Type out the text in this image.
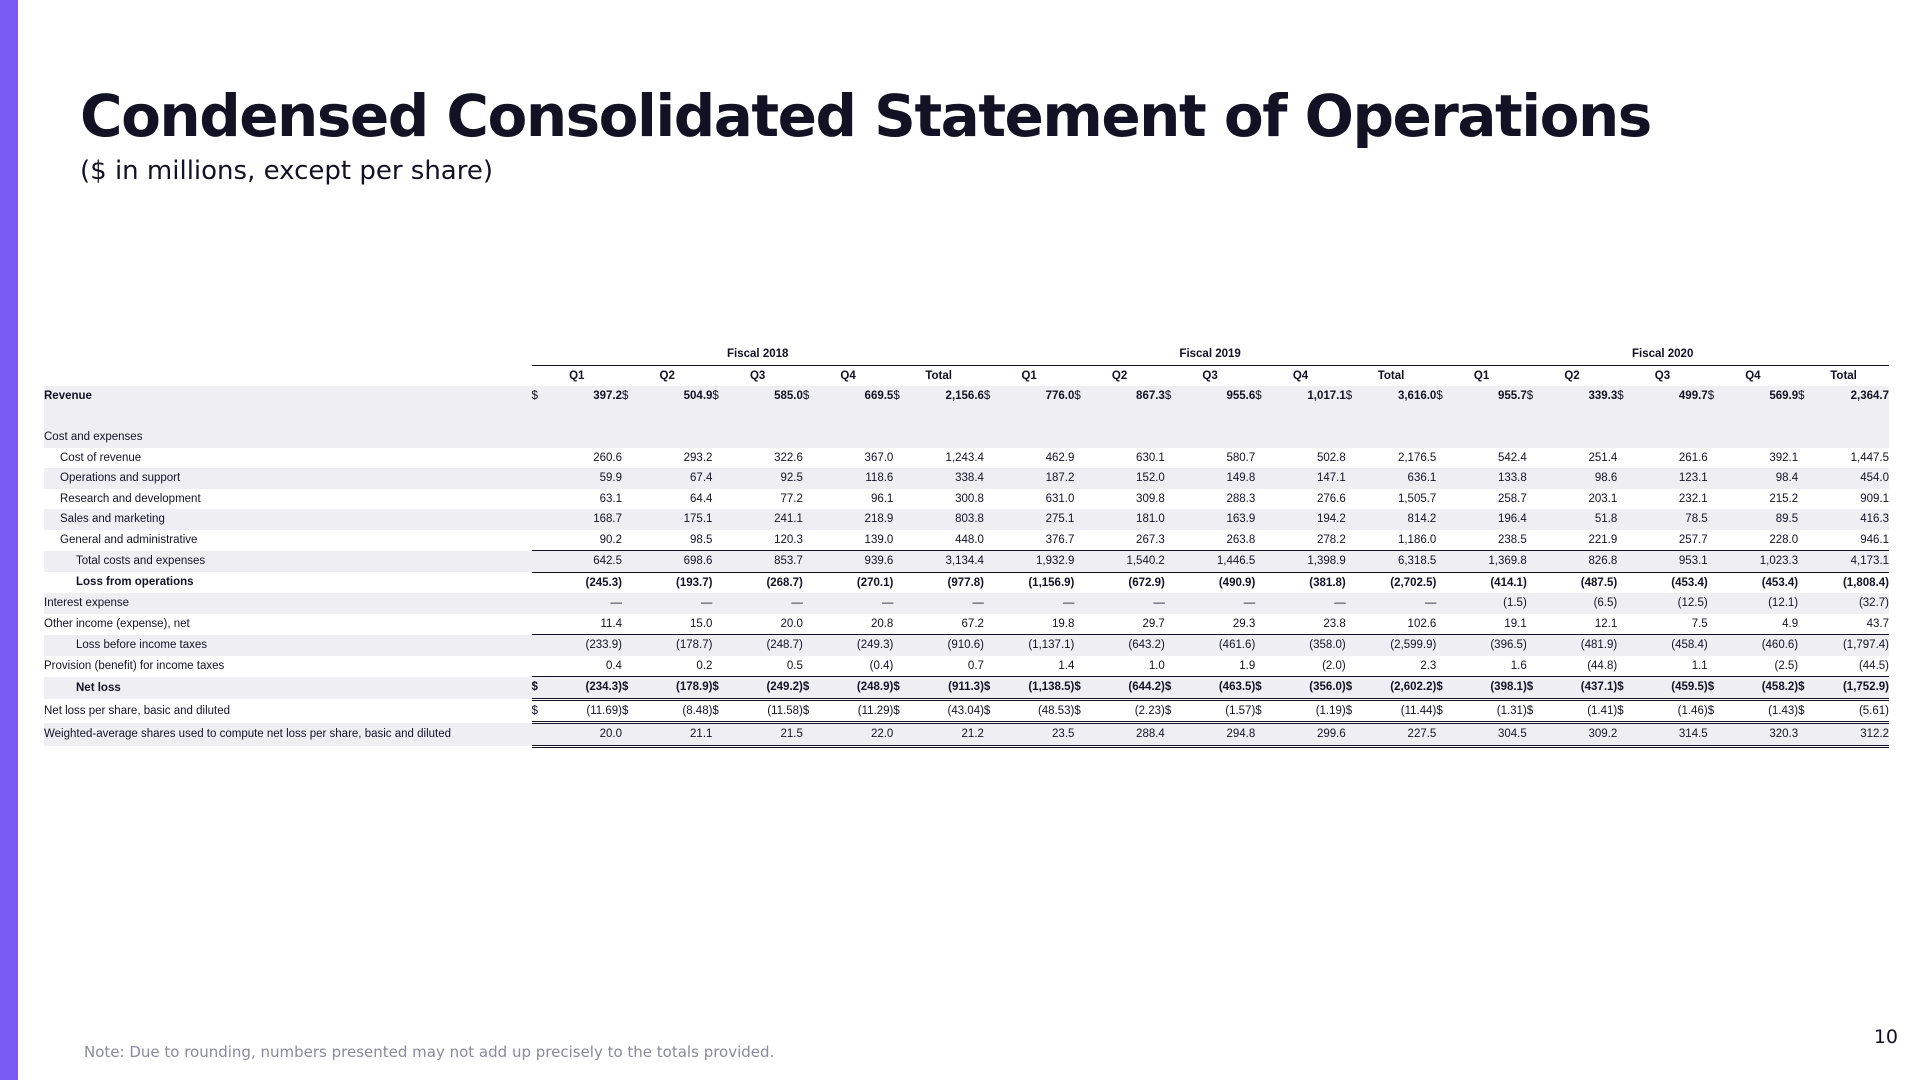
Condensed Consolidated Statement of Operations
($ in millions, except per share)
	Fiscal 2018										Fiscal 2019										Fiscal 2020									
	Q1		Q2		Q3		Q4		Total		Q1		Q2		Q3		Q4		Total		Q1		Q2		Q3		Q4		Total	
Revenue	$	397.2	$	504.9	$	585.0	$	669.5	$	2,156.6	$	776.0	$	867.3	$	955.6	$	1,017.1	$	3,616.0	$	955.7	$	339.3	$	499.7	$	569.9	$	2,364.7

Cost and expenses																														
Cost of revenue		260.6		293.2		322.6		367.0		1,243.4		462.9		630.1		580.7		502.8		2,176.5		542.4		251.4		261.6		392.1		1,447.5
Operations and support		59.9		67.4		92.5		118.6		338.4		187.2		152.0		149.8		147.1		636.1		133.8		98.6		123.1		98.4		454.0
Research and development		63.1		64.4		77.2		96.1		300.8		631.0		309.8		288.3		276.6		1,505.7		258.7		203.1		232.1		215.2		909.1
Sales and marketing		168.7		175.1		241.1		218.9		803.8		275.1		181.0		163.9		194.2		814.2		196.4		51.8		78.5		89.5		416.3
General and administrative		90.2		98.5		120.3		139.0		448.0		376.7		267.3		263.8		278.2		1,186.0		238.5		221.9		257.7		228.0		946.1
Total costs and expenses		642.5		698.6		853.7		939.6		3,134.4		1,932.9		1,540.2		1,446.5		1,398.9		6,318.5		1,369.8		826.8		953.1		1,023.3		4,173.1
Loss from operations		(245.3)		(193.7)		(268.7)		(270.1)		(977.8)		(1,156.9)		(672.9)		(490.9)		(381.8)		(2,702.5)		(414.1)		(487.5)		(453.4)		(453.4)		(1,808.4)
Interest expense		—		—		—		—		—		—		—		—		—		—		(1.5)		(6.5)		(12.5)		(12.1)		(32.7)
Other income (expense), net		11.4		15.0		20.0		20.8		67.2		19.8		29.7		29.3		23.8		102.6		19.1		12.1		7.5		4.9		43.7
Loss before income taxes		(233.9)		(178.7)		(248.7)		(249.3)		(910.6)		(1,137.1)		(643.2)		(461.6)		(358.0)		(2,599.9)		(396.5)		(481.9)		(458.4)		(460.6)		(1,797.4)
Provision (benefit) for income taxes		0.4		0.2		0.5		(0.4)		0.7		1.4		1.0		1.9		(2.0)		2.3		1.6		(44.8)		1.1		(2.5)		(44.5)
Net loss	$	(234.3)	$	(178.9)	$	(249.2)	$	(248.9)	$	(911.3)	$	(1,138.5)	$	(644.2)	$	(463.5)	$	(356.0)	$	(2,602.2)	$	(398.1)	$	(437.1)	$	(459.5)	$	(458.2)	$	(1,752.9)
Net loss per share, basic and diluted	$	(11.69)	$	(8.48)	$	(11.58)	$	(11.29)	$	(43.04)	$	(48.53)	$	(2.23)	$	(1.57)	$	(1.19)	$	(11.44)	$	(1.31)	$	(1.41)	$	(1.46)	$	(1.43)	$	(5.61)
Weighted-average shares used to compute net loss per share, basic and diluted		20.0		21.1		21.5		22.0		21.2		23.5		288.4		294.8		299.6		227.5		304.5		309.2		314.5		320.3		312.2
Note: Due to rounding, numbers presented may not add up precisely to the totals provided.
10
